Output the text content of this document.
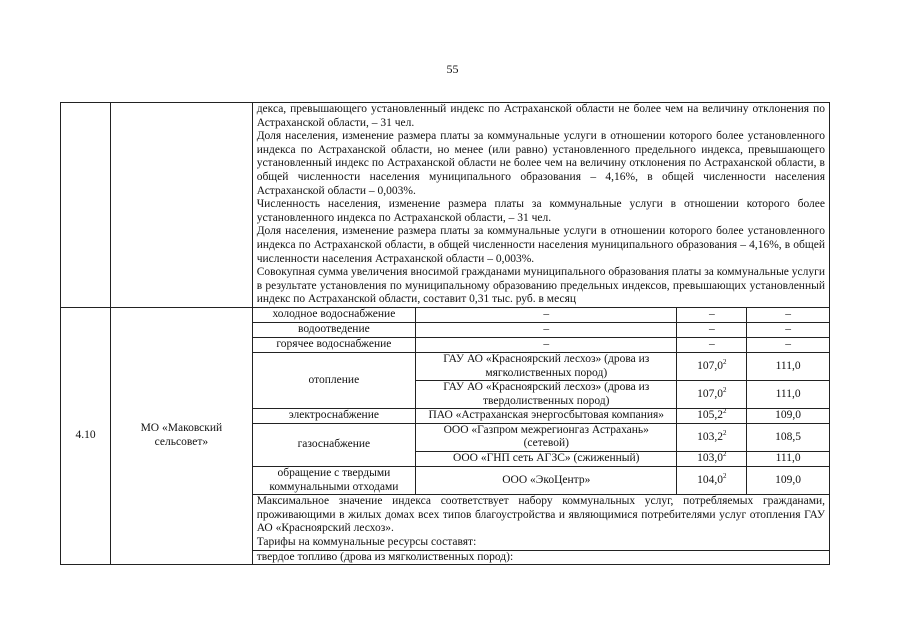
55

		декса, превышающего установленный индекс по Астраханской области не более чем на величину отклонения по Астраханской области, – 31 чел.

Доля населения, изменение размера платы за коммунальные услуги в отношении которого более установленного индекса по Астраханской области, но менее (или равно) установленного предельного индекса, превышающего установленный индекс по Астраханской области не более чем на величину отклонения по Астраханской области, в общей численности населения муниципального образования – 4,16%, в общей численности населения Астраханской области – 0,003%.

Численность населения, изменение размера платы за коммунальные услуги в отношении которого более установленного индекса по Астраханской области, – 31 чел.

Доля населения, изменение размера платы за коммунальные услуги в отношении которого более установленного индекса по Астраханской области, в общей численности населения муниципального образования – 4,16%, в общей численности населения Астраханской области – 0,003%.

Совокупная сумма увеличения вносимой гражданами муниципального образования платы за коммунальные услуги в результате установления по муниципальному образованию предельных индексов, превышающих установленный индекс по Астраханской области, составит 0,31 тыс. руб. в месяц			

4.10	МО «Маковский сельсовет»	холодное водоснабжение	–	–	–
		водоотведение	–	–	–
		горячее водоснабжение	–	–	–
		отопление	ГАУ АО «Красноярский лесхоз» (дрова из мягколиственных пород)	107,0$^2$	111,0
			ГАУ АО «Красноярский лесхоз» (дрова из твердолиственных пород)	107,0$^2$	111,0
		электроснабжение	ПАО «Астраханская энергосбытовая компания»	105,2$^2$	109,0
		газоснабжение	ООО «Газпром межрегионгаз Астрахань» (сетевой)	103,2$^2$	108,5
			ООО «ГНП сеть АГЗС» (сжиженный)	103,0$^2$	111,0
		обращение с твердыми коммунальными отходами	ООО «ЭкоЦентр»	104,0$^2$	109,0

		Максимальное значение индекса соответствует набору коммунальных услуг, потребляемых гражданами, проживающими в жилых домах всех типов благоустройства и являющимися потребителями услуг отопления ГАУ АО «Красноярский лесхоз».

Тарифы на коммунальные ресурсы составят:			

		твердое топливо (дрова из мягколиственных пород):			
